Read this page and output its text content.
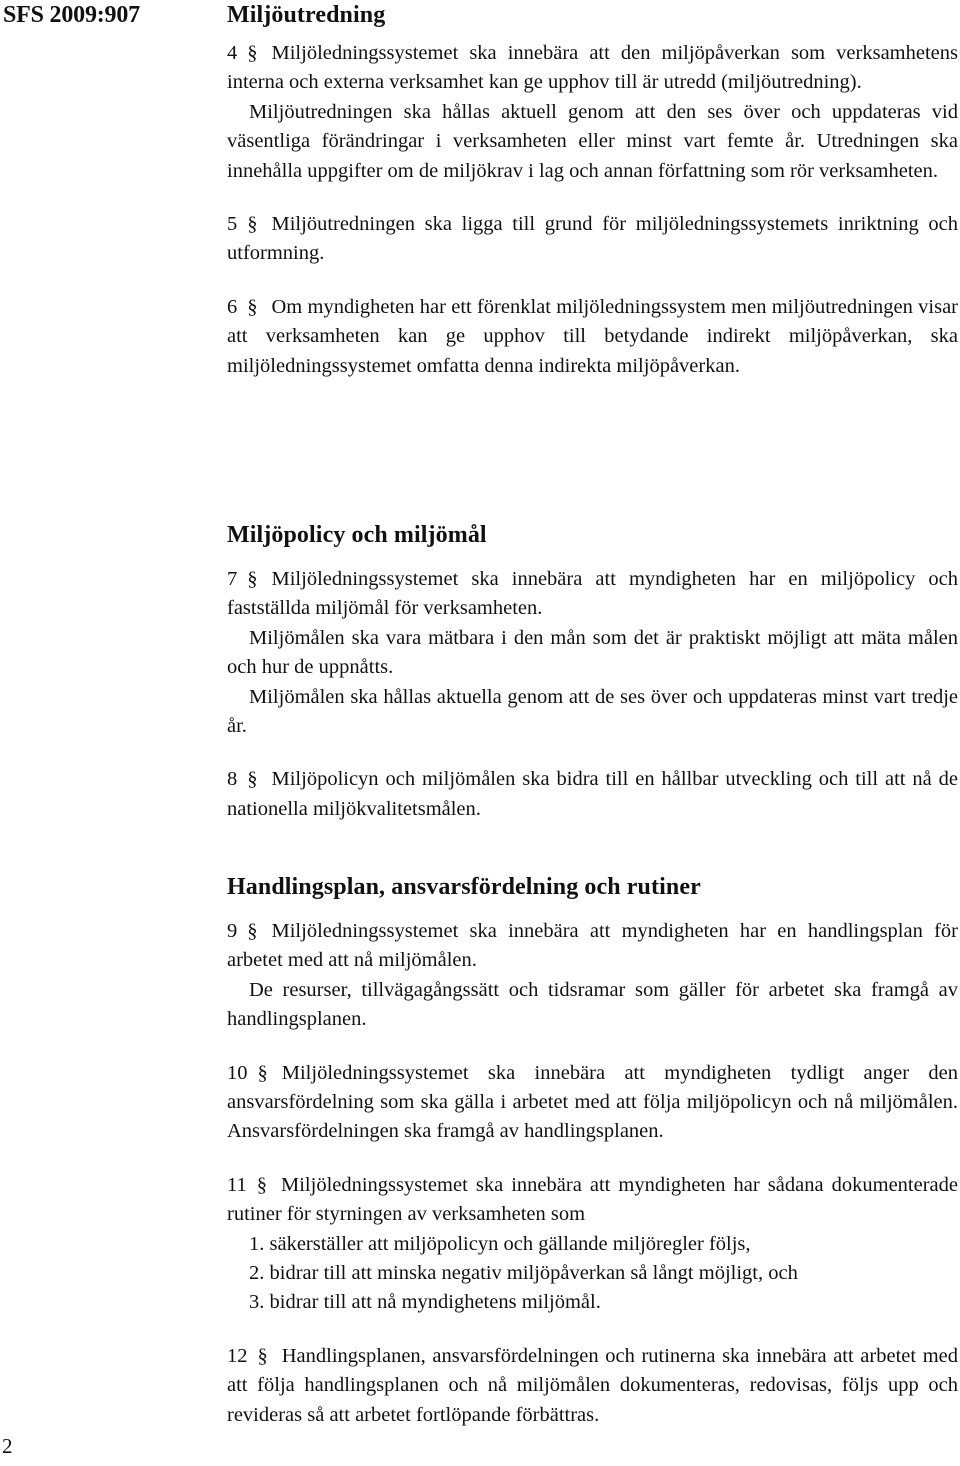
SFS 2009:907	Miljöutredning

4 § Miljöledningssystemet ska innebära att den miljöpåverkan som verksamhetens interna och externa verksamhet kan ge upphov till är utredd (miljöutredning).

Miljöutredningen ska hållas aktuell genom att den ses över och uppdateras vid väsentliga förändringar i verksamheten eller minst vart femte år. Utredningen ska innehålla uppgifter om de miljökrav i lag och annan författning som rör verksamheten.

5 § Miljöutredningen ska ligga till grund för miljöledningssystemets inriktning och utformning.

6 § Om myndigheten har ett förenklat miljöledningssystem men miljöutredningen visar att verksamheten kan ge upphov till betydande indirekt miljöpåverkan, ska miljöledningssystemet omfatta denna indirekta miljöpåverkan.

Miljöpolicy och miljömål

7 § Miljöledningssystemet ska innebära att myndigheten har en miljöpolicy och fastställda miljömål för verksamheten.

Miljömålen ska vara mätbara i den mån som det är praktiskt möjligt att mäta målen och hur de uppnåtts.

Miljömålen ska hållas aktuella genom att de ses över och uppdateras minst vart tredje år.

8 § Miljöpolicyn och miljömålen ska bidra till en hållbar utveckling och till att nå de nationella miljökvalitetsmålen.

Handlingsplan, ansvarsfördelning och rutiner

9 § Miljöledningssystemet ska innebära att myndigheten har en handlingsplan för arbetet med att nå miljömålen.

De resurser, tillvägagångssätt och tidsramar som gäller för arbetet ska framgå av handlingsplanen.

10 § Miljöledningssystemet ska innebära att myndigheten tydligt anger den ansvarsfördelning som ska gälla i arbetet med att följa miljöpolicyn och nå miljömålen. Ansvarsfördelningen ska framgå av handlingsplanen.

11 § Miljöledningssystemet ska innebära att myndigheten har sådana dokumenterade rutiner för styrningen av verksamheten som

1. säkerställer att miljöpolicyn och gällande miljöregler följs,
2. bidrar till att minska negativ miljöpåverkan så långt möjligt, och
3. bidrar till att nå myndighetens miljömål.

12 § Handlingsplanen, ansvarsfördelningen och rutinerna ska innebära att arbetet med att följa handlingsplanen och nå miljömålen dokumenteras, redovisas, följs upp och revideras så att arbetet fortlöpande förbättras.

2
